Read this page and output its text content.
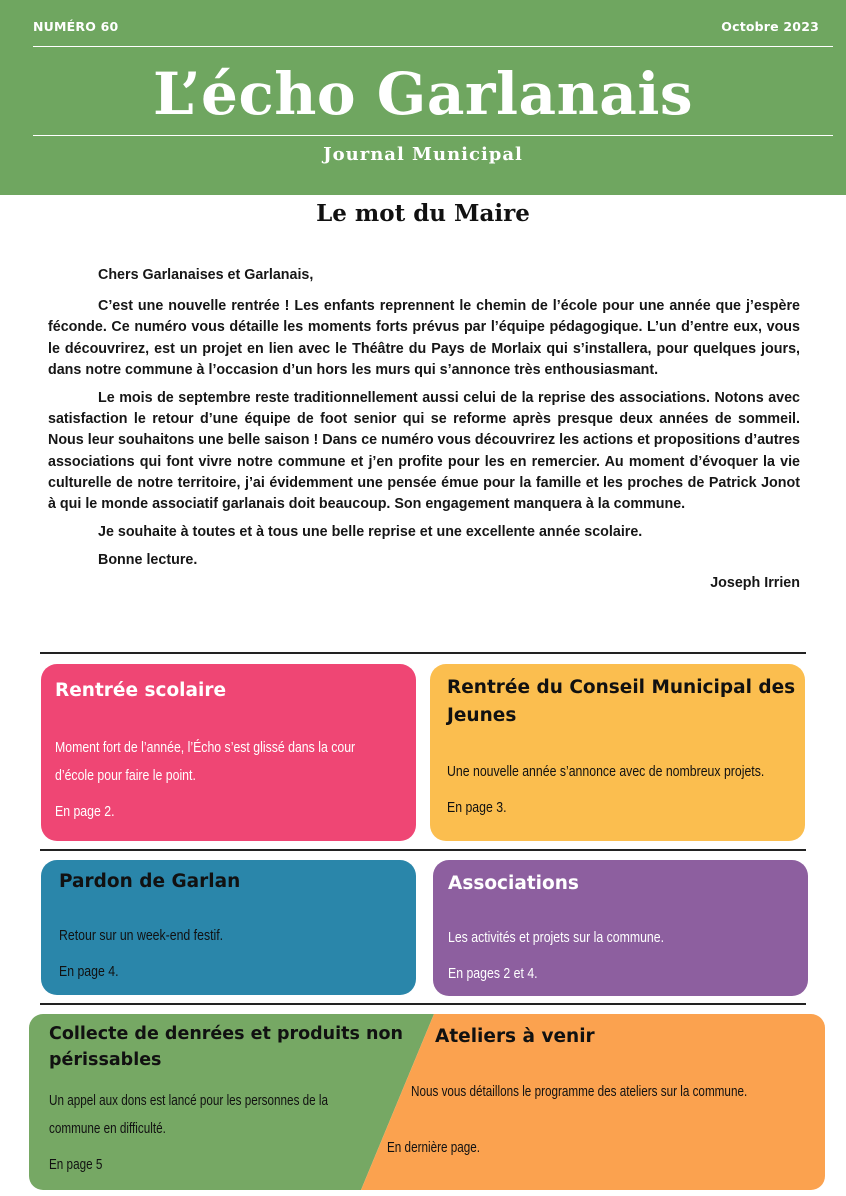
NUMÉRO 60	Octobre 2023
L’écho Garlanais
Journal Municipal
Le mot du Maire

Chers Garlanaises et Garlanais,

C’est une nouvelle rentrée ! Les enfants reprennent le chemin de l’école pour une année que j’espère féconde. Ce numéro vous détaille les moments forts prévus par l’équipe pédagogique. L’un d’entre eux, vous le découvrirez, est un projet en lien avec le Théâtre du Pays de Morlaix qui s’installera, pour quelques jours, dans notre commune à l’occasion d’un hors les murs qui s’annonce très enthousiasmant.

Le mois de septembre reste traditionnellement aussi celui de la reprise des associations. Notons avec satisfaction le retour d’une équipe de foot senior qui se reforme après presque deux années de sommeil. Nous leur souhaitons une belle saison ! Dans ce numéro vous découvrirez les actions et propositions d’autres associations qui font vivre notre commune et j’en profite pour les en remercier. Au moment d’évoquer la vie culturelle de notre territoire, j’ai évidemment une pensée émue pour la famille et les proches de Patrick Jonot à qui le monde associatif garlanais doit beaucoup. Son engagement manquera à la commune.

Je souhaite à toutes et à tous une belle reprise et une excellente année scolaire.

Bonne lecture.

Joseph Irrien
Rentrée scolaire
Moment fort de l’année, l’Écho s’est glissé dans la cour
d’école pour faire le point.
En page 2.
Rentrée du Conseil Municipal des
Jeunes
Une nouvelle année s’annonce avec de nombreux projets.
En page 3.
Pardon de Garlan
Retour sur un week-end festif.
En page 4.
Associations
Les activités et projets sur la commune.
En pages 2 et 4.
Collecte de denrées et produits non
périssables
Un appel aux dons est lancé pour les personnes de la
commune en difficulté.
En page 5
Ateliers à venir
Nous vous détaillons le programme des ateliers sur la commune.
En dernière page.
